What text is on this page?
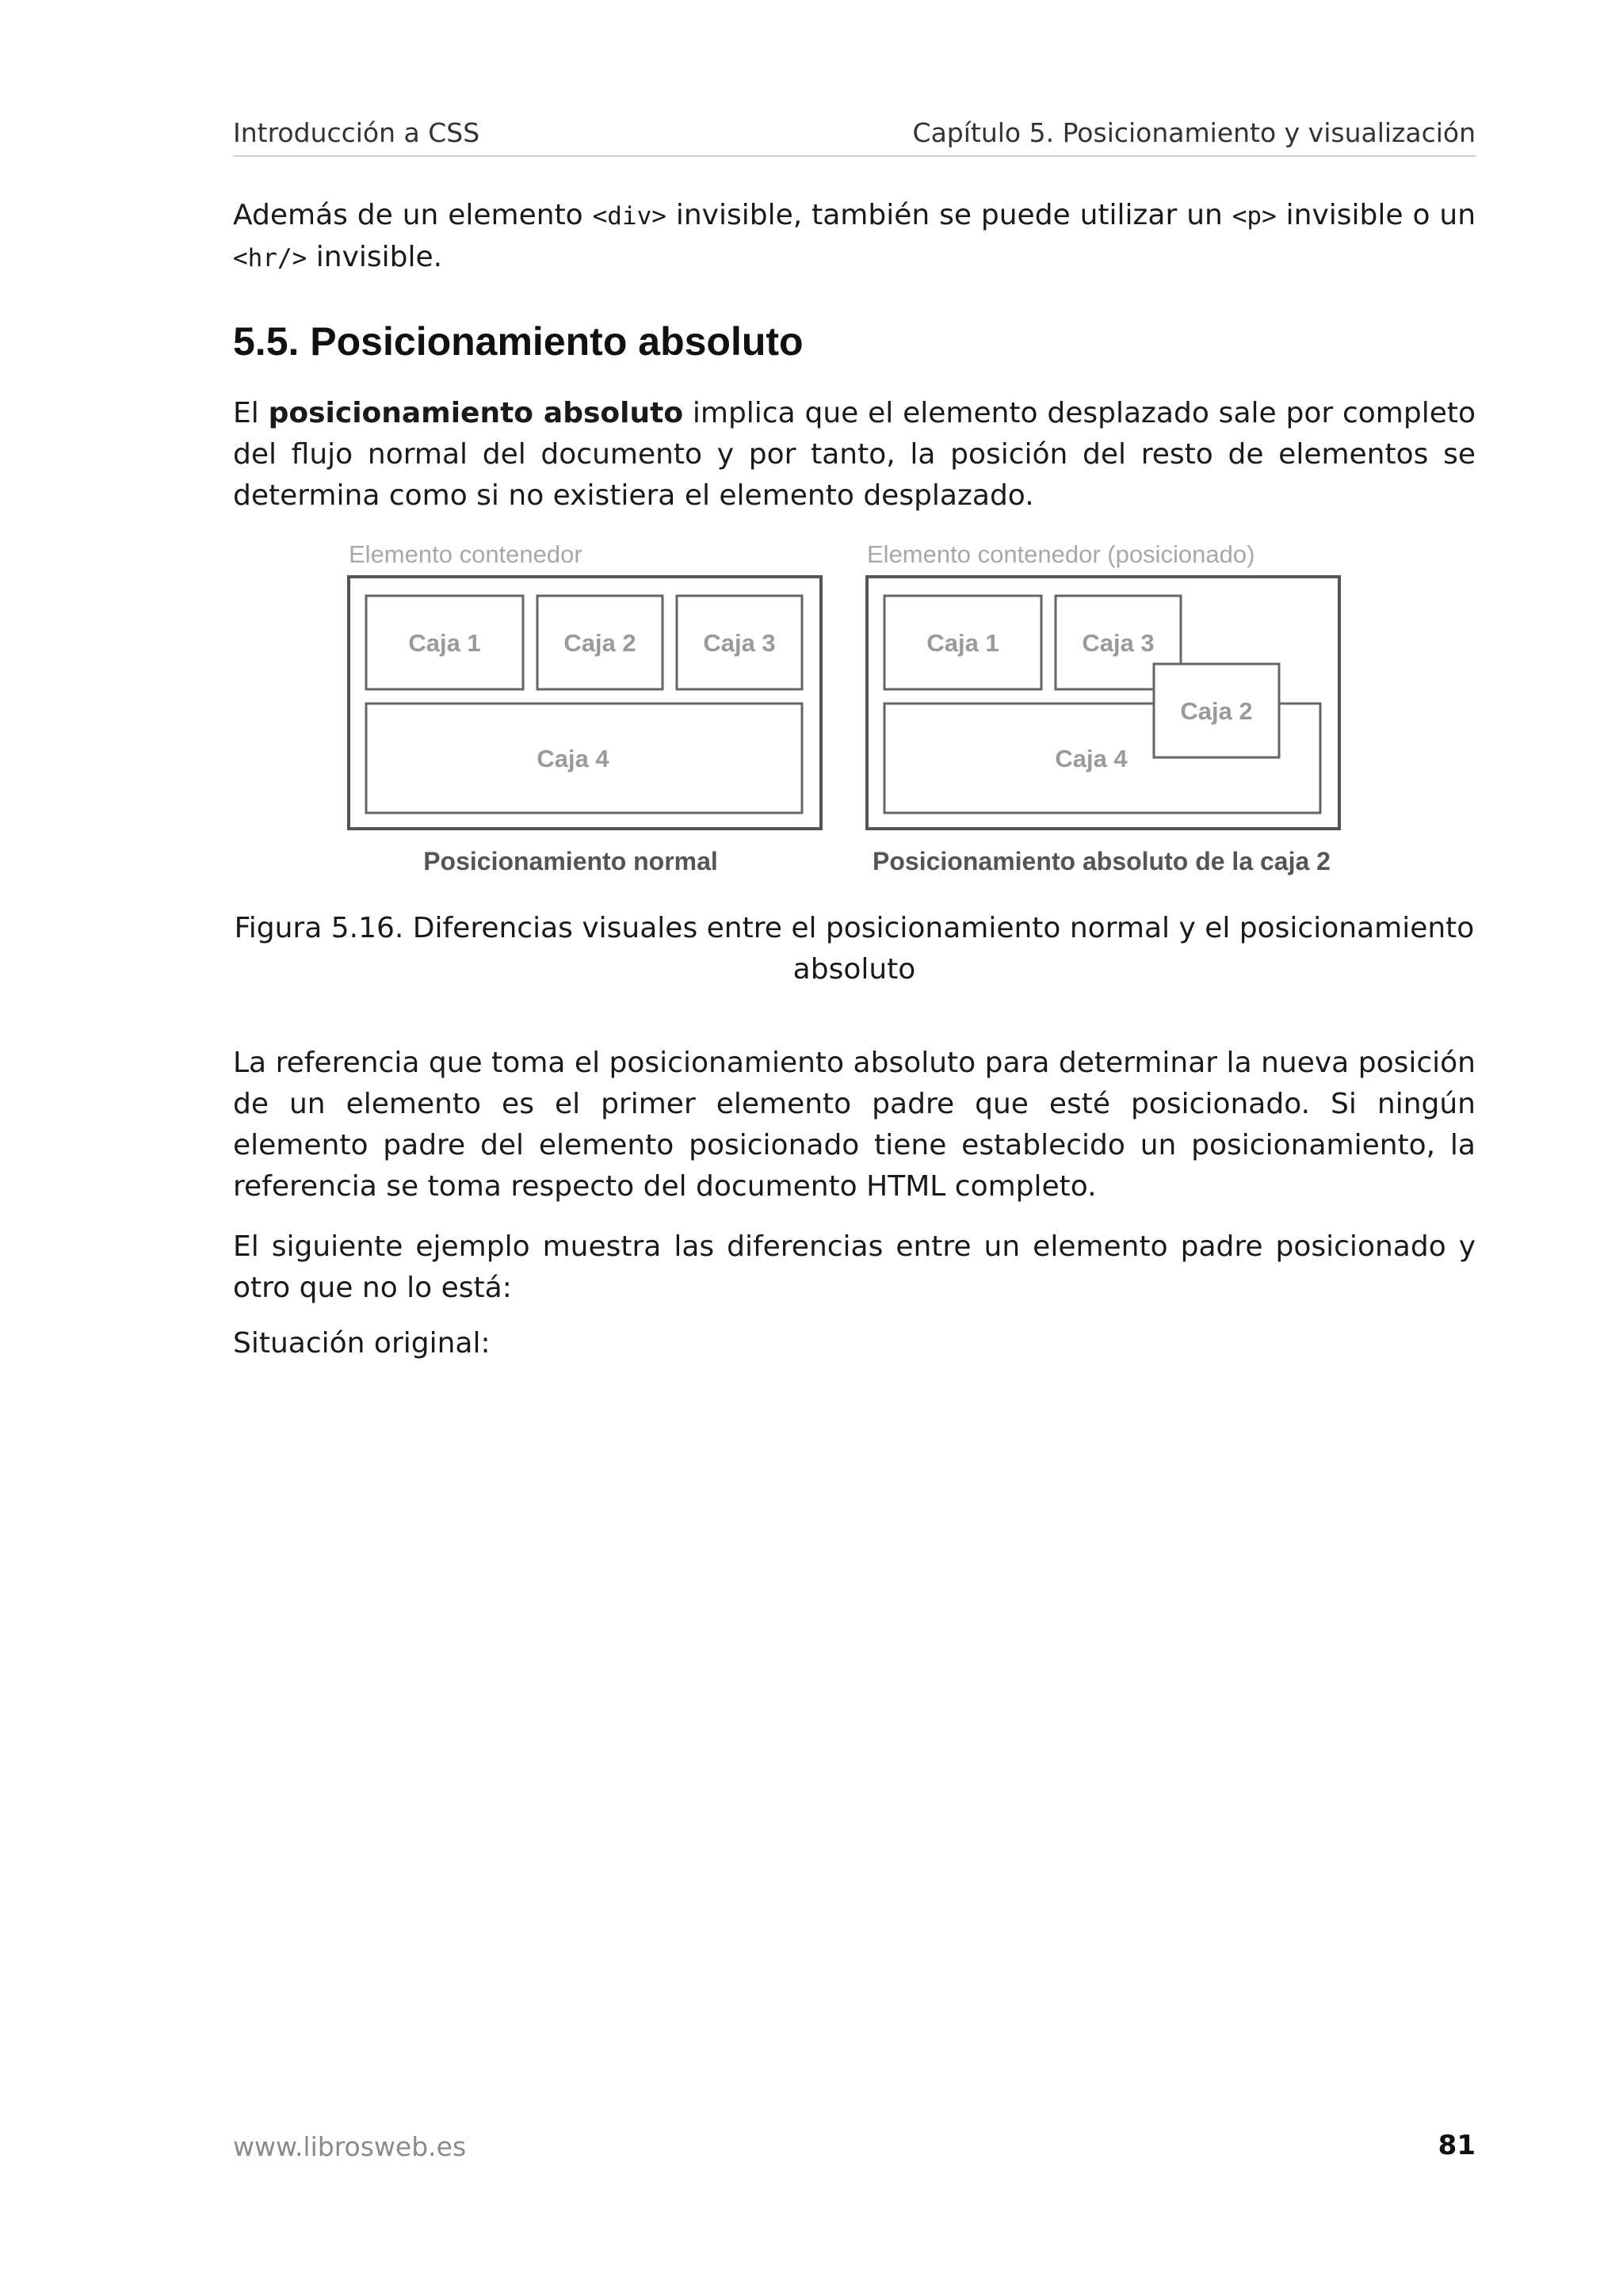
Introducción a CSS	Capítulo 5. Posicionamiento y visualización

Además de un elemento <div> invisible, también se puede utilizar un <p> invisible o un <hr/> invisible.

5.5. Posicionamiento absoluto

El posicionamiento absoluto implica que el elemento desplazado sale por completo del flujo normal del documento y por tanto, la posición del resto de elementos se determina como si no existiera el elemento desplazado.

Elemento contenedor
Caja 1	Caja 2	Caja 3
Caja 4
Posicionamiento normal
Elemento contenedor (posicionado)
Caja 1	Caja 3
Caja 4
Caja 2
Posicionamiento absoluto de la caja 2

Figura 5.16. Diferencias visuales entre el posicionamiento normal y el posicionamiento absoluto

La referencia que toma el posicionamiento absoluto para determinar la nueva posición de un elemento es el primer elemento padre que esté posicionado. Si ningún elemento padre del elemento posicionado tiene establecido un posicionamiento, la referencia se toma respecto del documento HTML completo.

El siguiente ejemplo muestra las diferencias entre un elemento padre posicionado y otro que no lo está:

Situación original:

www.librosweb.es	81
